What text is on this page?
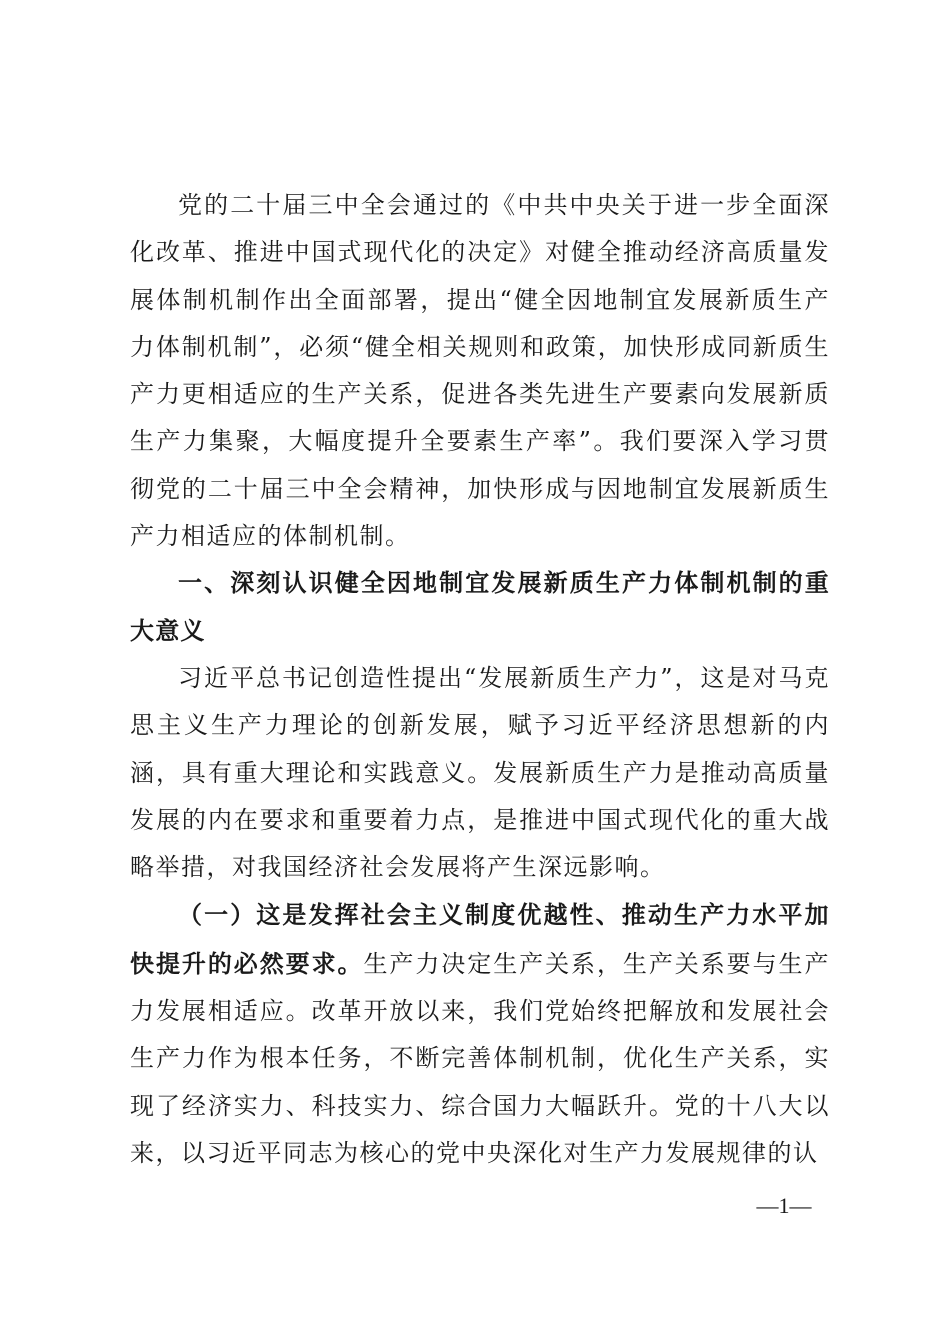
党的二十届三中全会通过的《中共中央关于进一步全面深化改革、推进中国式现代化的决定》对健全推动经济高质量发展体制机制作出全面部署，提出“健全因地制宜发展新质生产力体制机制”，必须“健全相关规则和政策，加快形成同新质生产力更相适应的生产关系，促进各类先进生产要素向发展新质生产力集聚，大幅度提升全要素生产率”。我们要深入学习贯彻党的二十届三中全会精神，加快形成与因地制宜发展新质生产力相适应的体制机制。

一、深刻认识健全因地制宜发展新质生产力体制机制的重大意义

习近平总书记创造性提出“发展新质生产力”，这是对马克思主义生产力理论的创新发展，赋予习近平经济思想新的内涵，具有重大理论和实践意义。发展新质生产力是推动高质量发展的内在要求和重要着力点，是推进中国式现代化的重大战略举措，对我国经济社会发展将产生深远影响。

（一）这是发挥社会主义制度优越性、推动生产力水平加快提升的必然要求。生产力决定生产关系，生产关系要与生产力发展相适应。改革开放以来，我们党始终把解放和发展社会生产力作为根本任务，不断完善体制机制，优化生产关系，实现了经济实力、科技实力、综合国力大幅跃升。党的十八大以来，以习近平同志为核心的党中央深化对生产力发展规律的认

—1—
